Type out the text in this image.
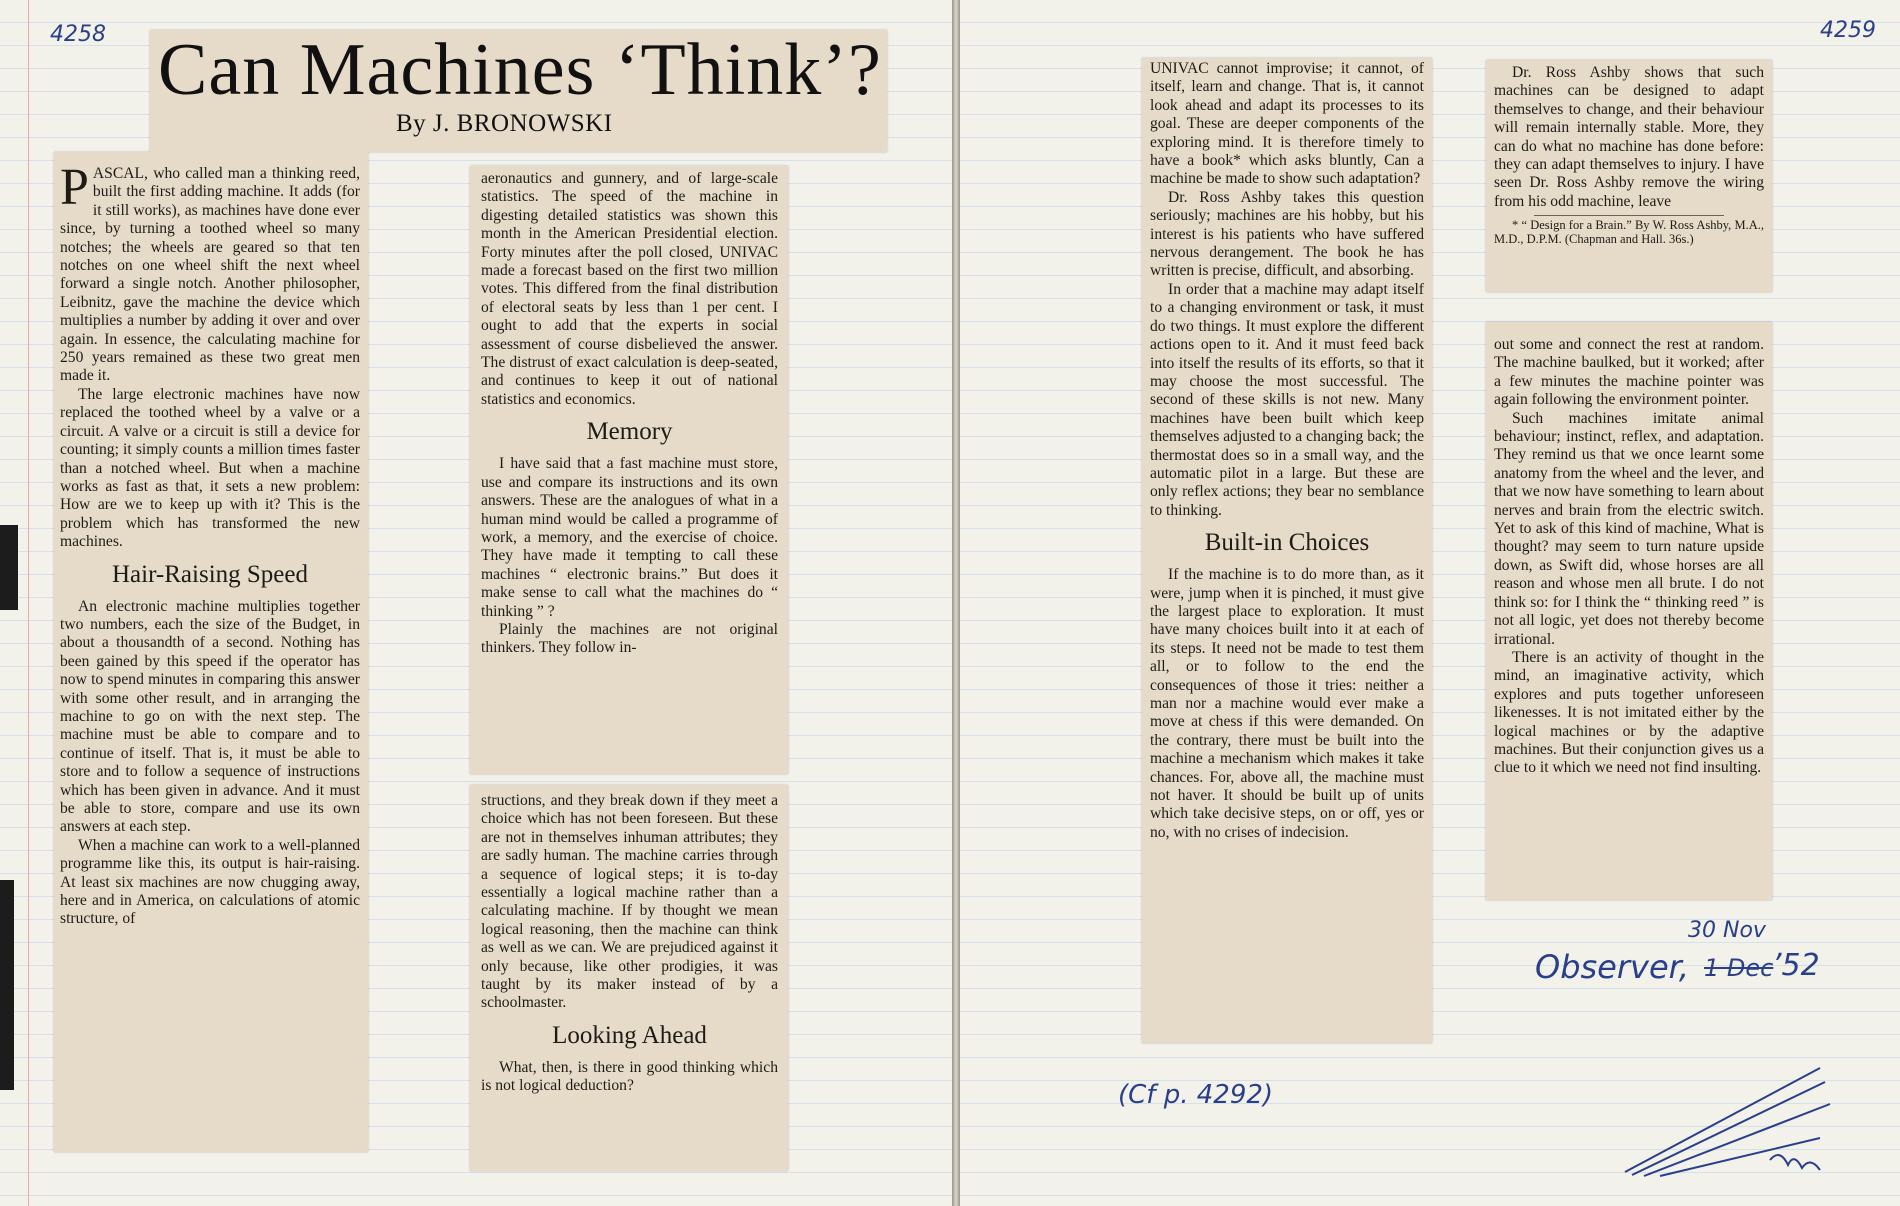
4258 Can Machines ‘Think’?
By J. BRONOWSKI

PASCAL, who called man a thinking reed, built the first adding machine. It adds (for it still works), as machines have done ever since, by turning a toothed wheel so many notches; the wheels are geared so that ten notches on one wheel shift the next wheel forward a single notch. Another philosopher, Leibnitz, gave the machine the device which multiplies a number by adding it over and over again. In essence, the calculating machine for 250 years remained as these two great men made it.

The large electronic machines have now replaced the toothed wheel by a valve or a circuit. A valve or a circuit is still a device for counting; it simply counts a million times faster than a notched wheel. But when a machine works as fast as that, it sets a new problem: How are we to keep up with it? This is the problem which has transformed the new machines.

Hair-Raising Speed

An electronic machine multiplies together two numbers, each the size of the Budget, in about a thousandth of a second. Nothing has been gained by this speed if the operator has now to spend minutes in comparing this answer with some other result, and in arranging the machine to go on with the next step. The machine must be able to compare and to continue of itself. That is, it must be able to store and to follow a sequence of instructions which has been given in advance. And it must be able to store, compare and use its own answers at each step.

When a machine can work to a well-planned programme like this, its output is hair-raising. At least six machines are now chugging away, here and in America, on calculations of atomic structure, of

aeronautics and gunnery, and of large-scale statistics. The speed of the machine in digesting detailed statistics was shown this month in the American Presidential election. Forty minutes after the poll closed, UNIVAC made a forecast based on the first two million votes. This differed from the final distribution of electoral seats by less than 1 per cent. I ought to add that the experts in social assessment of course disbelieved the answer. The distrust of exact calculation is deep-seated, and continues to keep it out of national statistics and economics.

Memory

I have said that a fast machine must store, use and compare its instructions and its own answers. These are the analogues of what in a human mind would be called a programme of work, a memory, and the exercise of choice. They have made it tempting to call these machines “ electronic brains.” But does it make sense to call what the machines do “ thinking ” ?

Plainly the machines are not original thinkers. They follow in-

structions, and they break down if they meet a choice which has not been foreseen. But these are not in themselves inhuman attributes; they are sadly human. The machine carries through a sequence of logical steps; it is to-day essentially a logical machine rather than a calculating machine. If by thought we mean logical reasoning, then the machine can think as well as we can. We are prejudiced against it only because, like other prodigies, it was taught by its maker instead of by a schoolmaster.

Looking Ahead

What, then, is there in good thinking which is not logical deduction?

4259

UNIVAC cannot improvise; it cannot, of itself, learn and change. That is, it cannot look ahead and adapt its processes to its goal. These are deeper components of the exploring mind. It is therefore timely to have a book* which asks bluntly, Can a machine be made to show such adaptation?

Dr. Ross Ashby takes this question seriously; machines are his hobby, but his interest is his patients who have suffered nervous derangement. The book he has written is precise, difficult, and absorbing.

In order that a machine may adapt itself to a changing environment or task, it must do two things. It must explore the different actions open to it. And it must feed back into itself the results of its efforts, so that it may choose the most successful. The second of these skills is not new. Many machines have been built which keep themselves adjusted to a changing back; the thermostat does so in a small way, and the automatic pilot in a large. But these are only reflex actions; they bear no semblance to thinking.

Built-in Choices

If the machine is to do more than, as it were, jump when it is pinched, it must give the largest place to exploration. It must have many choices built into it at each of its steps. It need not be made to test them all, or to follow to the end the consequences of those it tries: neither a man nor a machine would ever make a move at chess if this were demanded. On the contrary, there must be built into the machine a mechanism which makes it take chances. For, above all, the machine must not haver. It should be built up of units which take decisive steps, on or off, yes or no, with no crises of indecision.

Dr. Ross Ashby shows that such machines can be designed to adapt themselves to change, and their behaviour will remain internally stable. More, they can do what no machine has done before: they can adapt themselves to injury. I have seen Dr. Ross Ashby remove the wiring from his odd machine, leave

* “ Design for a Brain.” By W. Ross Ashby, M.A., M.D., D.P.M. (Chapman and Hall. 36s.)

out some and connect the rest at random. The machine baulked, but it worked; after a few minutes the machine pointer was again following the environment pointer.

Such machines imitate animal behaviour; instinct, reflex, and adaptation. They remind us that we once learnt some anatomy from the wheel and the lever, and that we now have something to learn about nerves and brain from the electric switch. Yet to ask of this kind of machine, What is thought? may seem to turn nature upside down, as Swift did, whose horses are all reason and whose men all brute. I do not think so: for I think the “ thinking reed ” is not all logic, yet does not thereby become irrational.

There is an activity of thought in the mind, an imaginative activity, which explores and puts together unforeseen likenesses. It is not imitated either by the logical machines or by the adaptive machines. But their conjunction gives us a clue to it which we need not find insulting.

30 Nov
Observer, 1 Dec
’52
(Cf p. 4292)
